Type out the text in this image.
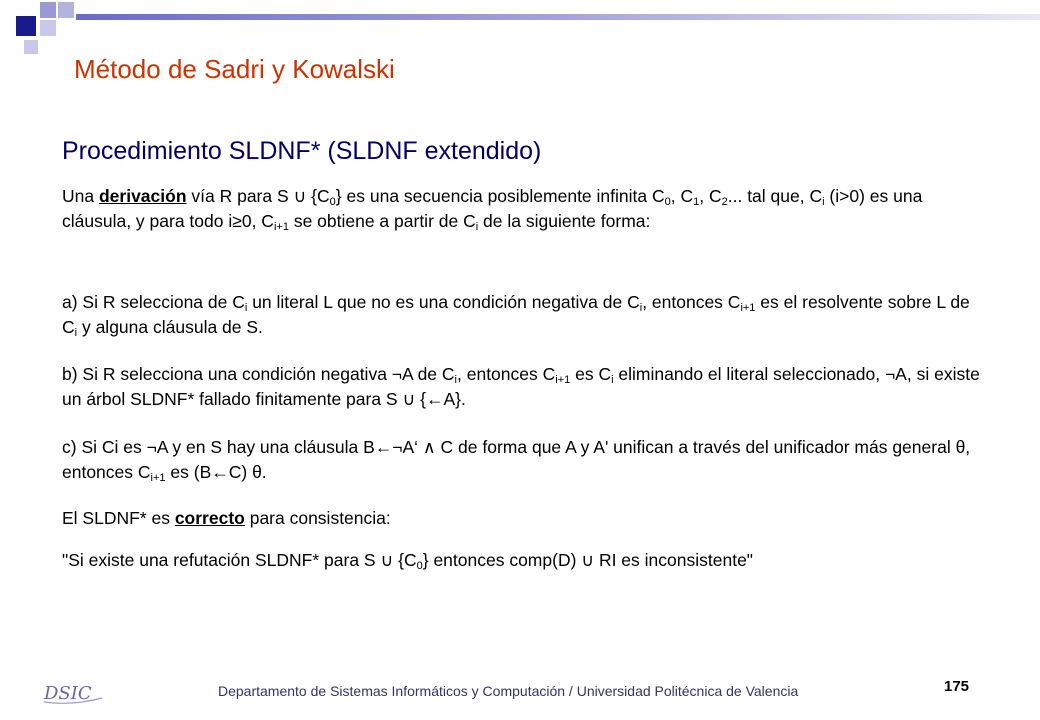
Método de Sadri y Kowalski
Procedimiento SLDNF* (SLDNF extendido)
Una derivación vía R para S ∪ $\{C_0\}$ es una secuencia posiblemente infinita $C_0$, $C_1$, $C_2$... tal que, $C_i$ (i>0) es una cláusula, y para todo i≥0, $C_{i+1}$ se obtiene a partir de $C_i$ de la siguiente forma:
a) Si R selecciona de $C_i$ un literal L que no es una condición negativa de $C_i$, entonces $C_{i+1}$ es el resolvente sobre L de $C_i$ y alguna cláusula de S.
b) Si R selecciona una condición negativa ¬A de $C_i$, entonces $C_{i+1}$ es $C_i$ eliminando el literal seleccionado, ¬A, si existe un árbol SLDNF* fallado finitamente para S ∪ {←A}.
c) Si Ci es ¬A y en S hay una cláusula B←¬A‘ ∧ C de forma que A y A' unifican a través del unificador más general θ, entonces $C_{i+1}$ es (B←C) θ.
El SLDNF* es correcto para consistencia:
"Si existe una refutación SLDNF* para S ∪ $\{C_0\}$ entonces comp(D) ∪ RI es inconsistente"
DSIC	Departamento de Sistemas Informáticos y Computación / Universidad Politécnica de Valencia	175
